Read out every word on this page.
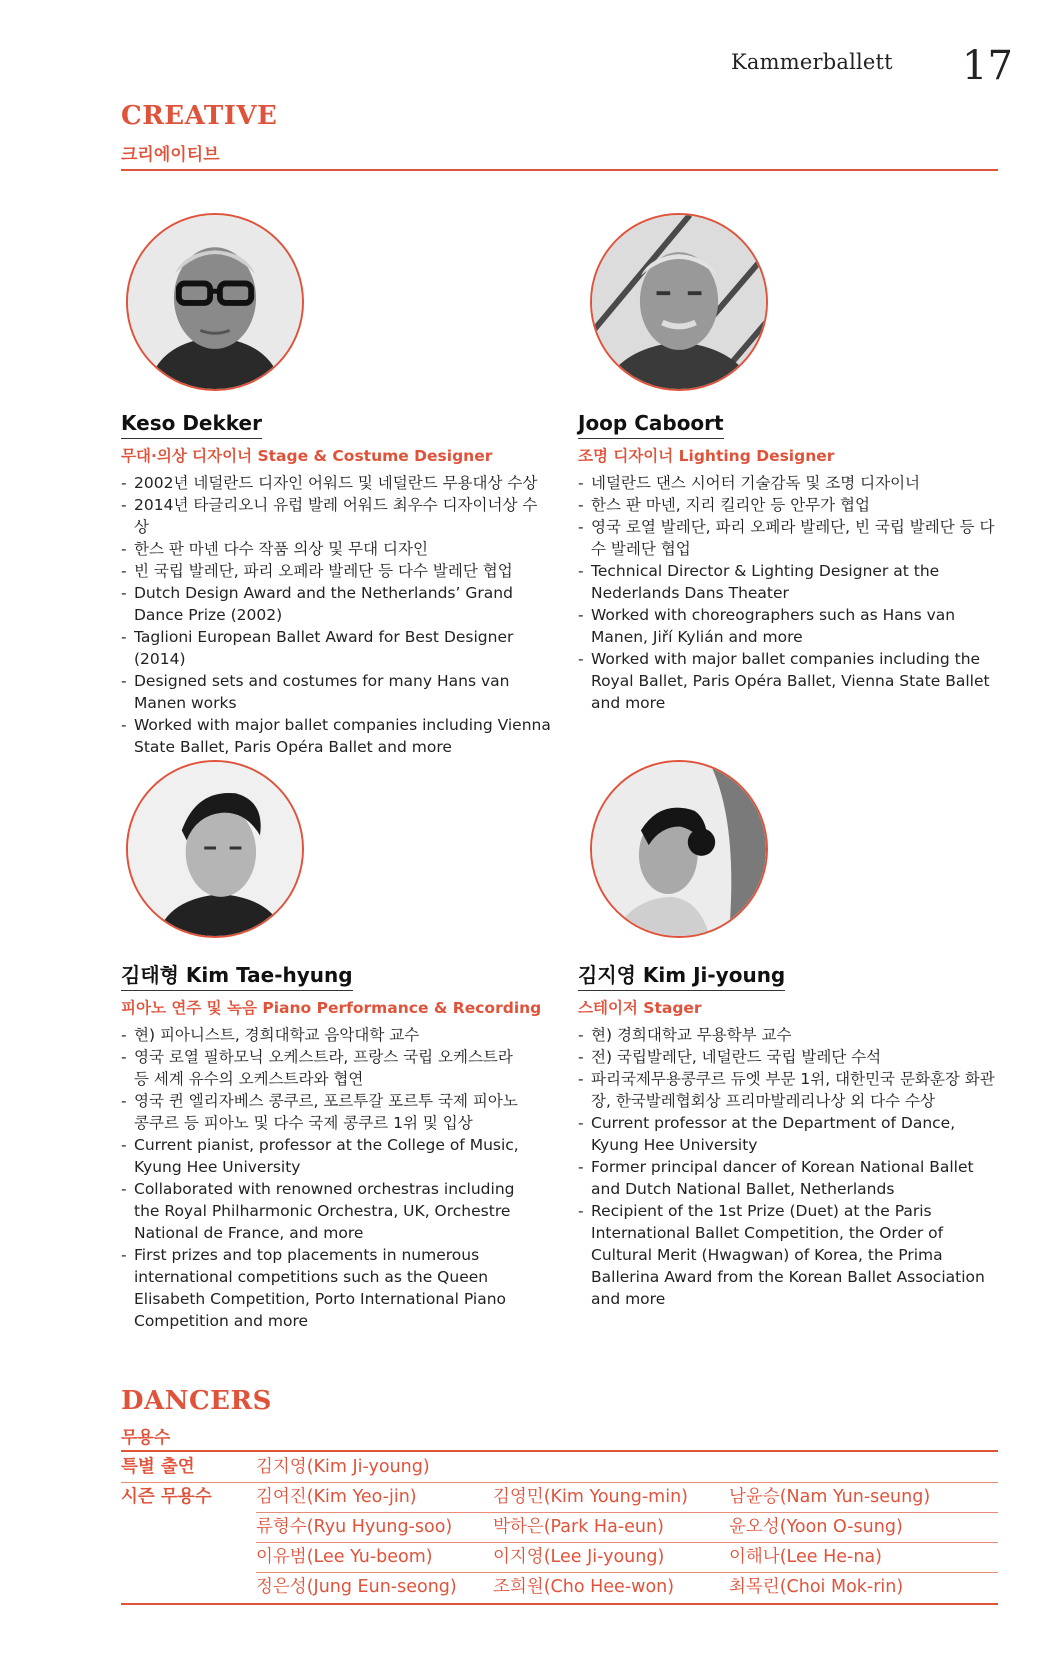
Kammerballett 17
CREATIVE
크리에이티브
Keso Dekker
무대·의상 디자이너 Stage & Costume Designer
- 2002년 네덜란드 디자인 어워드 및 네덜란드 무용대상 수상
- 2014년 타글리오니 유럽 발레 어워드 최우수 디자이너상 수상
- 한스 판 마넨 다수 작품 의상 및 무대 디자인
- 빈 국립 발레단, 파리 오페라 발레단 등 다수 발레단 협업
- Dutch Design Award and the Netherlands’ Grand Dance Prize (2002)
- Taglioni European Ballet Award for Best Designer (2014)
- Designed sets and costumes for many Hans van Manen works
- Worked with major ballet companies including Vienna State Ballet, Paris Opéra Ballet and more
Joop Caboort
조명 디자이너 Lighting Designer
- 네덜란드 댄스 시어터 기술감독 및 조명 디자이너
- 한스 판 마넨, 지리 킬리안 등 안무가 협업
- 영국 로열 발레단, 파리 오페라 발레단, 빈 국립 발레단 등 다수 발레단 협업
- Technical Director & Lighting Designer at the Nederlands Dans Theater
- Worked with choreographers such as Hans van Manen, Jiří Kylián and more
- Worked with major ballet companies including the Royal Ballet, Paris Opéra Ballet, Vienna State Ballet and more
김태형 Kim Tae-hyung
피아노 연주 및 녹음 Piano Performance & Recording
- 현) 피아니스트, 경희대학교 음악대학 교수
- 영국 로열 필하모닉 오케스트라, 프랑스 국립 오케스트라 등 세계 유수의 오케스트라와 협연
- 영국 퀸 엘리자베스 콩쿠르, 포르투갈 포르투 국제 피아노 콩쿠르 등 피아노 및 다수 국제 콩쿠르 1위 및 입상
- Current pianist, professor at the College of Music, Kyung Hee University
- Collaborated with renowned orchestras including the Royal Philharmonic Orchestra, UK, Orchestre National de France, and more
- First prizes and top placements in numerous international competitions such as the Queen Elisabeth Competition, Porto International Piano Competition and more
김지영 Kim Ji-young
스테이저 Stager
- 현) 경희대학교 무용학부 교수
- 전) 국립발레단, 네덜란드 국립 발레단 수석
- 파리국제무용콩쿠르 듀엣 부문 1위, 대한민국 문화훈장 화관장, 한국발레협회상 프리마발레리나상 외 다수 수상
- Current professor at the Department of Dance, Kyung Hee University
- Former principal dancer of Korean National Ballet and Dutch National Ballet, Netherlands
- Recipient of the 1st Prize (Duet) at the Paris International Ballet Competition, the Order of Cultural Merit (Hwagwan) of Korea, the Prima Ballerina Award from the Korean Ballet Association and more
DANCERS
무용수
특별 출연	김지영(Kim Ji-young)
시즌 무용수	김여진(Kim Yeo-jin)	김영민(Kim Young-min) 남윤승(Nam Yun-seung)
류형수(Ryu Hyung-soo) 박하은(Park Ha-eun)	윤오성(Yoon O-sung)
이유범(Lee Yu-beom)	이지영(Lee Ji-young)	이해나(Lee He-na)
정은성(Jung Eun-seong) 조희원(Cho Hee-won)	최목린(Choi Mok-rin)
